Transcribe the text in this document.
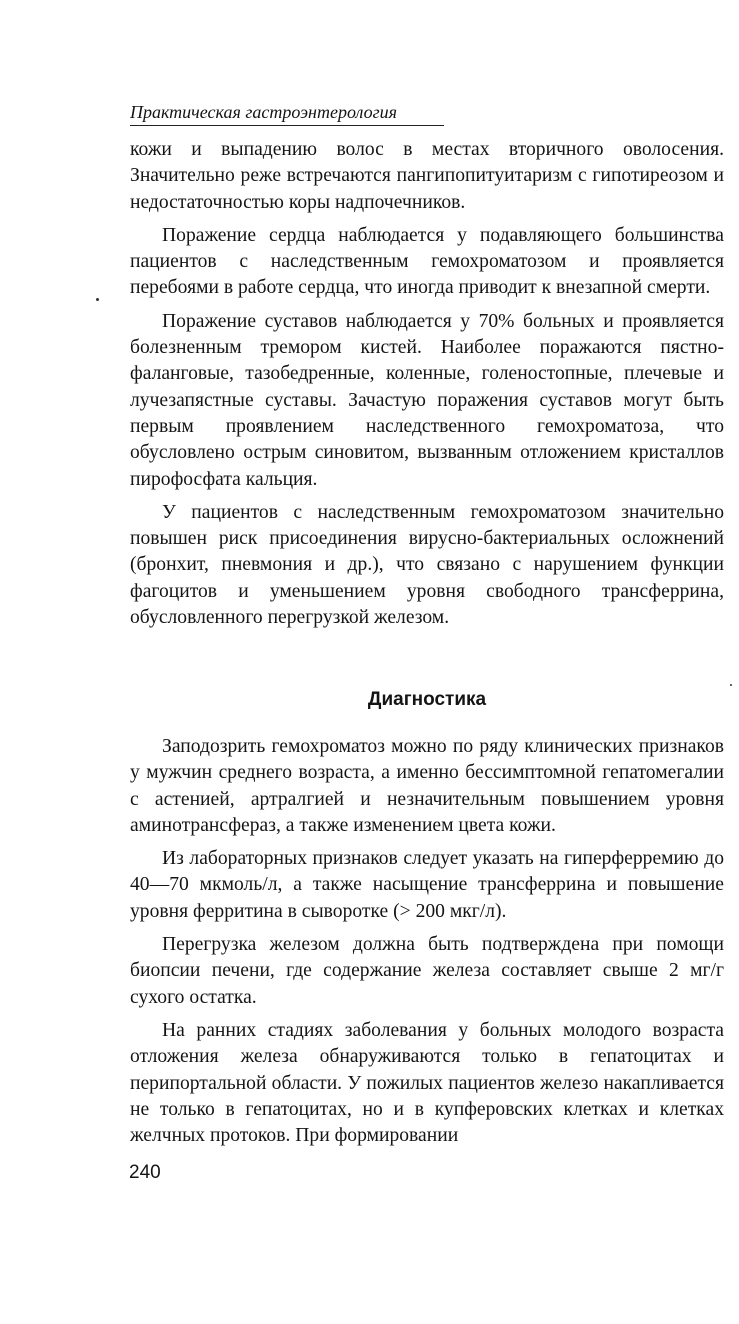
Практическая гастроэнтерология

кожи и выпадению волос в местах вторичного оволосения. Значительно реже встречаются пангипопитуитаризм с гипотиреозом и недостаточностью коры надпочечников.

Поражение сердца наблюдается у подавляющего большинства пациентов с наследственным гемохроматозом и проявляется перебоями в работе сердца, что иногда приводит к внезапной смерти.

Поражение суставов наблюдается у 70% больных и проявляется болезненным тремором кистей. Наиболее поражаются пястно-фаланговые, тазобедренные, коленные, голеностопные, плечевые и лучезапястные суставы. Зачастую поражения суставов могут быть первым проявлением наследственного гемохроматоза, что обусловлено острым синовитом, вызванным отложением кристаллов пирофосфата кальция.

У пациентов с наследственным гемохроматозом значительно повышен риск присоединения вирусно-бактериальных осложнений (бронхит, пневмония и др.), что связано с нарушением функции фагоцитов и уменьшением уровня свободного трансферрина, обусловленного перегрузкой железом.

Диагностика

Заподозрить гемохроматоз можно по ряду клинических признаков у мужчин среднего возраста, а именно бессимптомной гепатомегалии с астенией, артралгией и незначительным повышением уровня аминотрансфераз, а также изменением цвета кожи.

Из лабораторных признаков следует указать на гиперферремию до 40—70 мкмоль/л, а также насыщение трансферрина и повышение уровня ферритина в сыворотке (> 200 мкг/л).

Перегрузка железом должна быть подтверждена при помощи биопсии печени, где содержание железа составляет свыше 2 мг/г сухого остатка.

На ранних стадиях заболевания у больных молодого возраста отложения железа обнаруживаются только в гепатоцитах и перипортальной области. У пожилых пациентов железо накапливается не только в гепатоцитах, но и в купферовских клетках и клетках желчных протоков. При формировании

240
